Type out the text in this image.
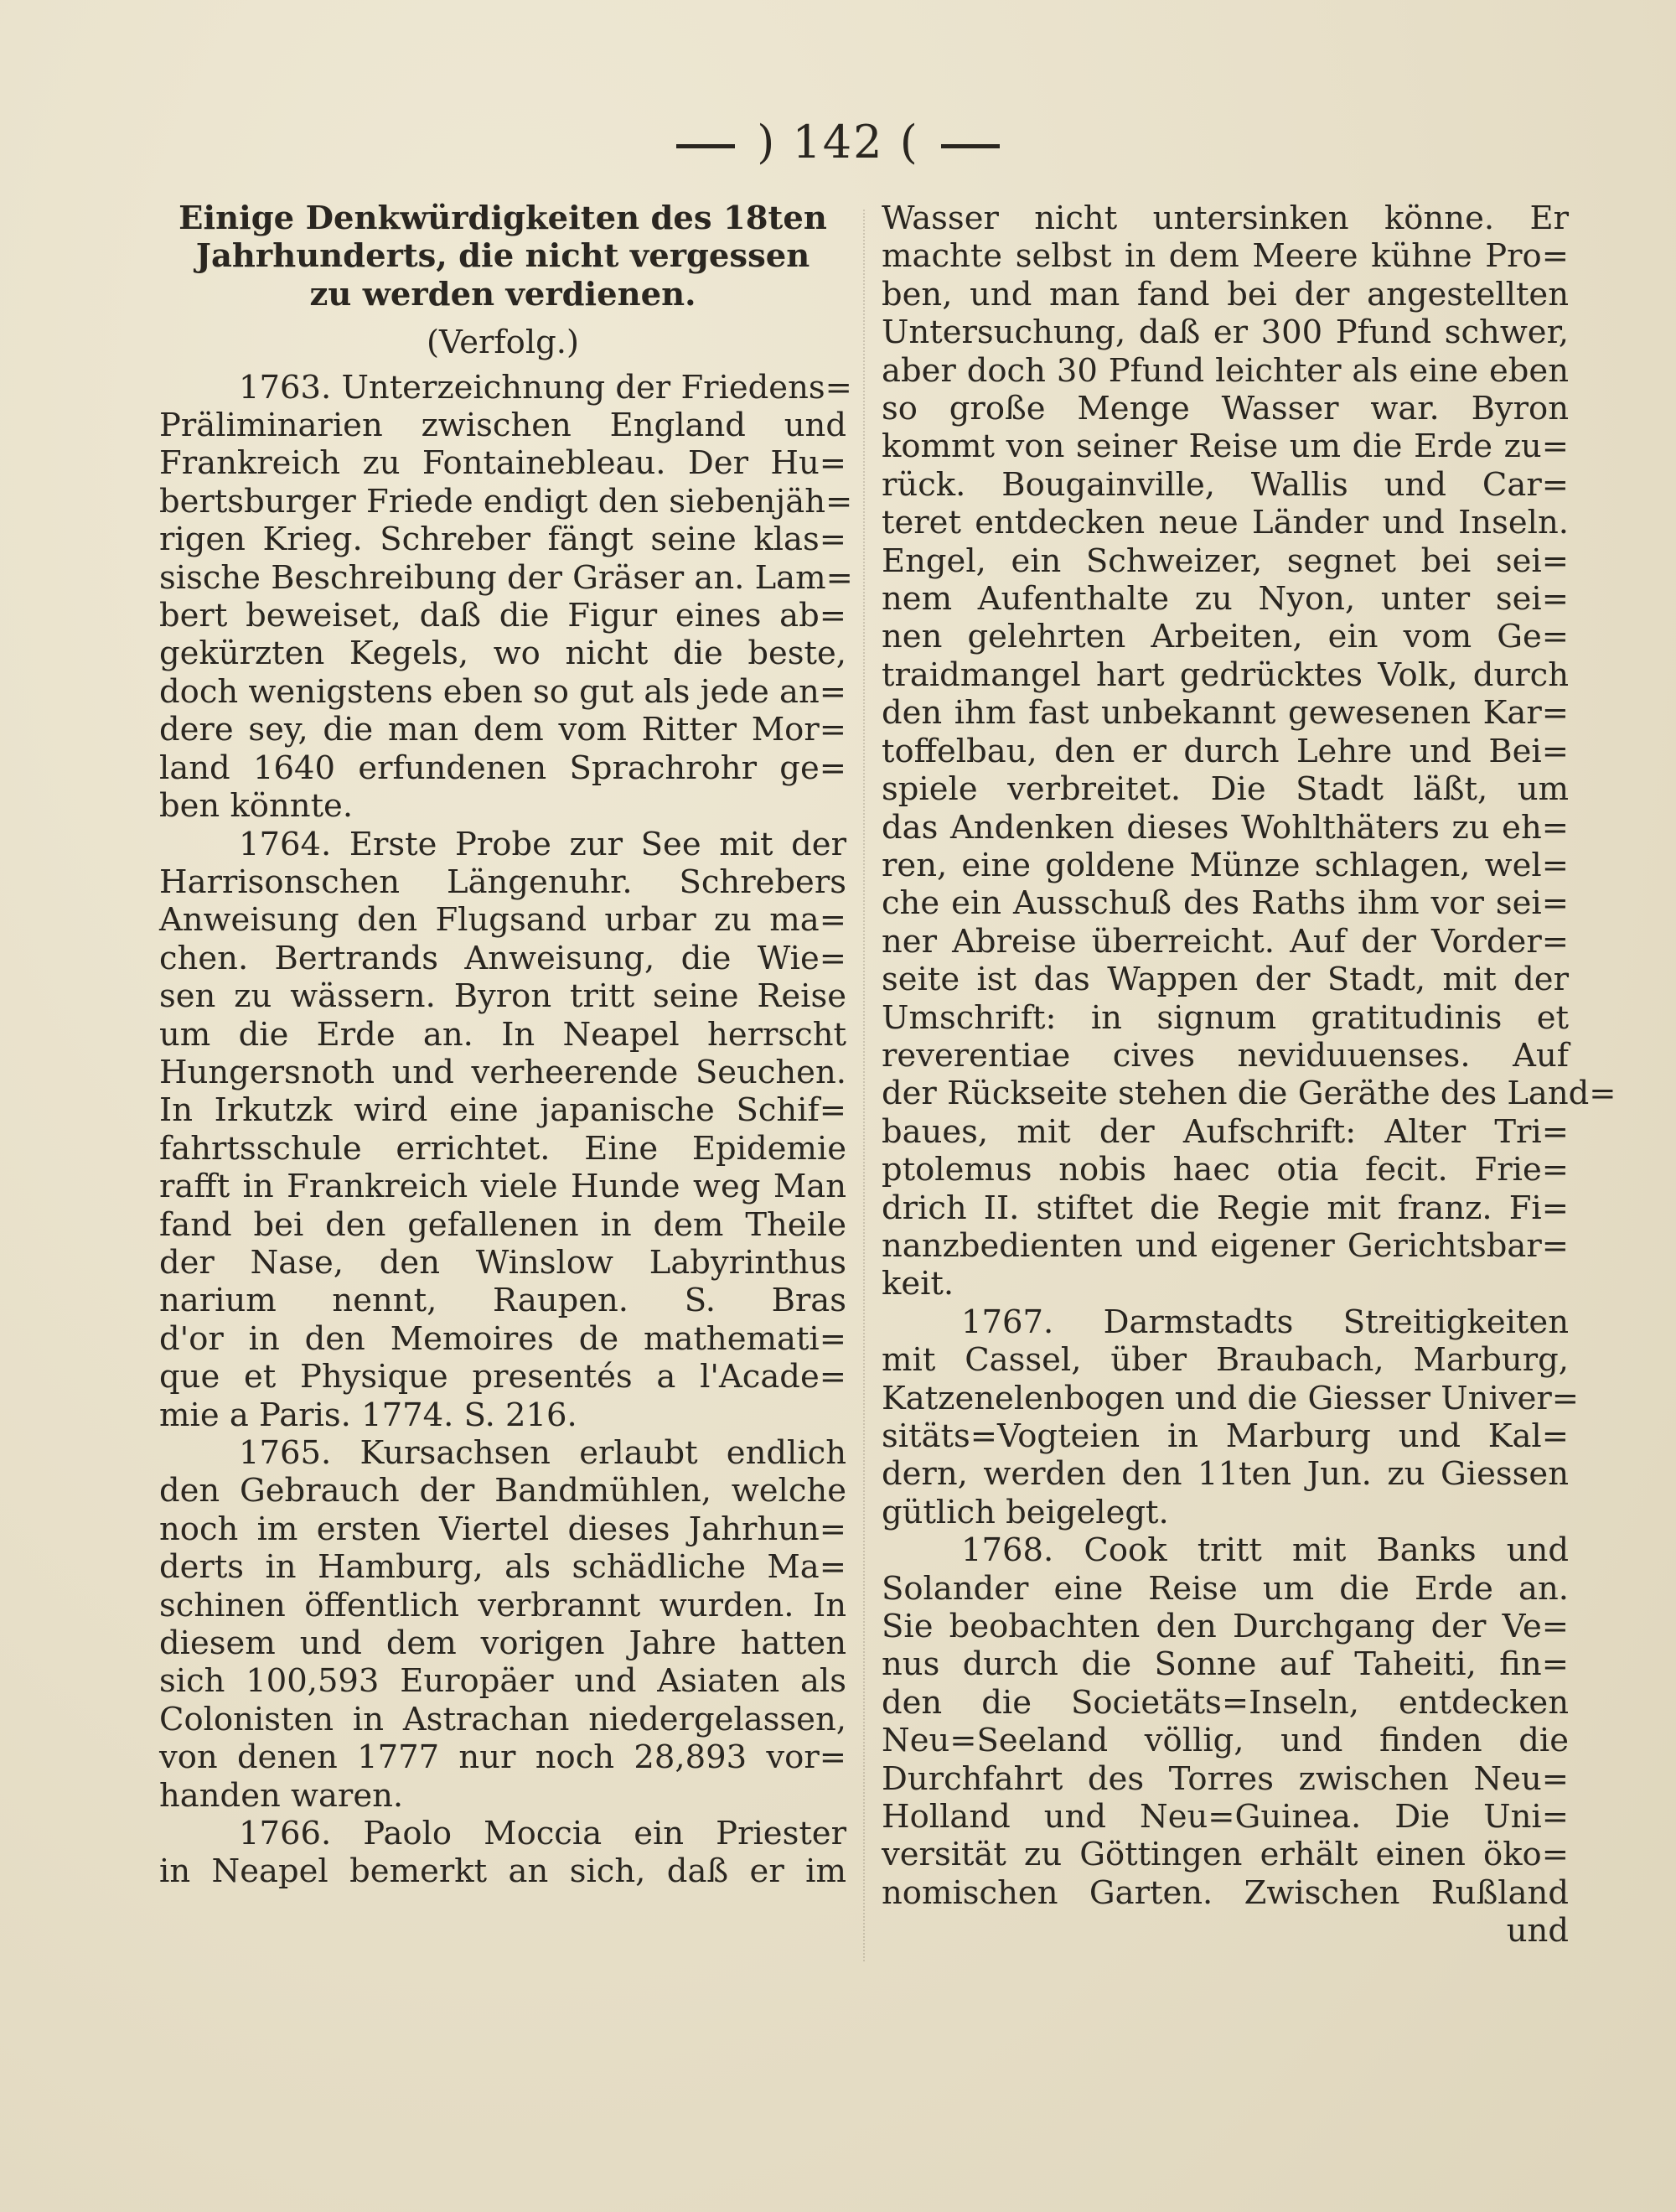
) 142 (
Einige Denkwürdigkeiten des 18ten
Jahrhunderts, die nicht vergessen
zu werden verdienen.
(Verfolg.)
1763. Unterzeichnung der Friedens=
Präliminarien zwischen England und
Frankreich zu Fontainebleau. Der Hu=
bertsburger Friede endigt den siebenjäh=
rigen Krieg. Schreber fängt seine klas=
sische Beschreibung der Gräser an. Lam=
bert beweiset, daß die Figur eines ab=
gekürzten Kegels, wo nicht die beste,
doch wenigstens eben so gut als jede an=
dere sey, die man dem vom Ritter Mor=
land 1640 erfundenen Sprachrohr ge=
ben könnte.
1764. Erste Probe zur See mit der
Harrisonschen Längenuhr. Schrebers
Anweisung den Flugsand urbar zu ma=
chen. Bertrands Anweisung, die Wie=
sen zu wässern. Byron tritt seine Reise
um die Erde an. In Neapel herrscht
Hungersnoth und verheerende Seuchen.
In Irkutzk wird eine japanische Schif=
fahrtsschule errichtet. Eine Epidemie
rafft in Frankreich viele Hunde weg Man
fand bei den gefallenen in dem Theile
der Nase, den Winslow Labyrinthus
narium nennt, Raupen. S. Bras
d'or in den Memoires de mathemati=
que et Physique presentés a l'Acade=
mie a Paris. 1774. S. 216.
1765. Kursachsen erlaubt endlich
den Gebrauch der Bandmühlen, welche
noch im ersten Viertel dieses Jahrhun=
derts in Hamburg, als schädliche Ma=
schinen öffentlich verbrannt wurden. In
diesem und dem vorigen Jahre hatten
sich 100,593 Europäer und Asiaten als
Colonisten in Astrachan niedergelassen,
von denen 1777 nur noch 28,893 vor=
handen waren.
1766. Paolo Moccia ein Priester
in Neapel bemerkt an sich, daß er im
Wasser nicht untersinken könne. Er
machte selbst in dem Meere kühne Pro=
ben, und man fand bei der angestellten
Untersuchung, daß er 300 Pfund schwer,
aber doch 30 Pfund leichter als eine eben
so große Menge Wasser war. Byron
kommt von seiner Reise um die Erde zu=
rück. Bougainville, Wallis und Car=
teret entdecken neue Länder und Inseln.
Engel, ein Schweizer, segnet bei sei=
nem Aufenthalte zu Nyon, unter sei=
nen gelehrten Arbeiten, ein vom Ge=
traidmangel hart gedrücktes Volk, durch
den ihm fast unbekannt gewesenen Kar=
toffelbau, den er durch Lehre und Bei=
spiele verbreitet. Die Stadt läßt, um
das Andenken dieses Wohlthäters zu eh=
ren, eine goldene Münze schlagen, wel=
che ein Ausschuß des Raths ihm vor sei=
ner Abreise überreicht. Auf der Vorder=
seite ist das Wappen der Stadt, mit der
Umschrift: in signum gratitudinis et
reverentiae cives neviduuenses. Auf
der Rückseite stehen die Geräthe des Land=
baues, mit der Aufschrift: Alter Tri=
ptolemus nobis haec otia fecit. Frie=
drich II. stiftet die Regie mit franz. Fi=
nanzbedienten und eigener Gerichtsbar=
keit.
1767. Darmstadts Streitigkeiten
mit Cassel, über Braubach, Marburg,
Katzenelenbogen und die Giesser Univer=
sitäts=Vogteien in Marburg und Kal=
dern, werden den 11ten Jun. zu Giessen
gütlich beigelegt.
1768. Cook tritt mit Banks und
Solander eine Reise um die Erde an.
Sie beobachten den Durchgang der Ve=
nus durch die Sonne auf Taheiti, fin=
den die Societäts=Inseln, entdecken
Neu=Seeland völlig, und finden die
Durchfahrt des Torres zwischen Neu=
Holland und Neu=Guinea. Die Uni=
versität zu Göttingen erhält einen öko=
nomischen Garten. Zwischen Rußland
und
